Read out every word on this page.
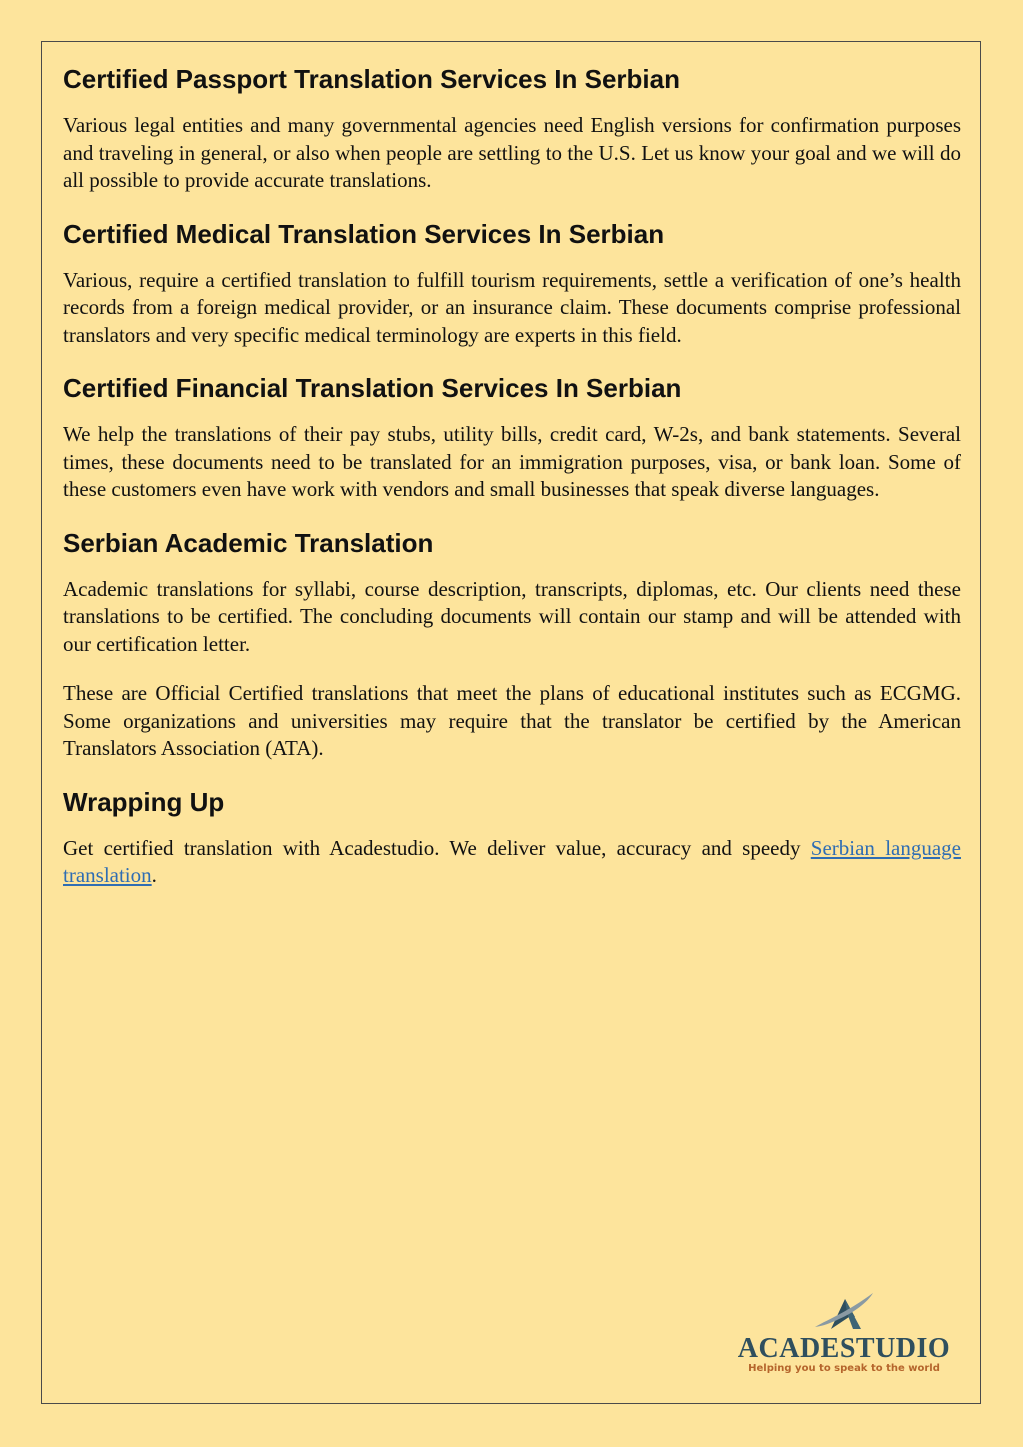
Certified Passport Translation Services In Serbian

Various legal entities and many governmental agencies need English versions for confirmation purposes and traveling in general, or also when people are settling to the U.S. Let us know your goal and we will do all possible to provide accurate translations.

Certified Medical Translation Services In Serbian

Various, require a certified translation to fulfill tourism requirements, settle a verification of one’s health records from a foreign medical provider, or an insurance claim. These documents comprise professional translators and very specific medical terminology are experts in this field.

Certified Financial Translation Services In Serbian

We help the translations of their pay stubs, utility bills, credit card, W-2s, and bank statements. Several times, these documents need to be translated for an immigration purposes, visa, or bank loan. Some of these customers even have work with vendors and small businesses that speak diverse languages.

Serbian Academic Translation

Academic translations for syllabi, course description, transcripts, diplomas, etc. Our clients need these translations to be certified. The concluding documents will contain our stamp and will be attended with our certification letter.

These are Official Certified translations that meet the plans of educational institutes such as ECGMG. Some organizations and universities may require that the translator be certified by the American Translators Association (ATA).

Wrapping Up

Get certified translation with Acadestudio. We deliver value, accuracy and speedy Serbian language translation.

ACADESTUDIO
Helping you to speak to the world
